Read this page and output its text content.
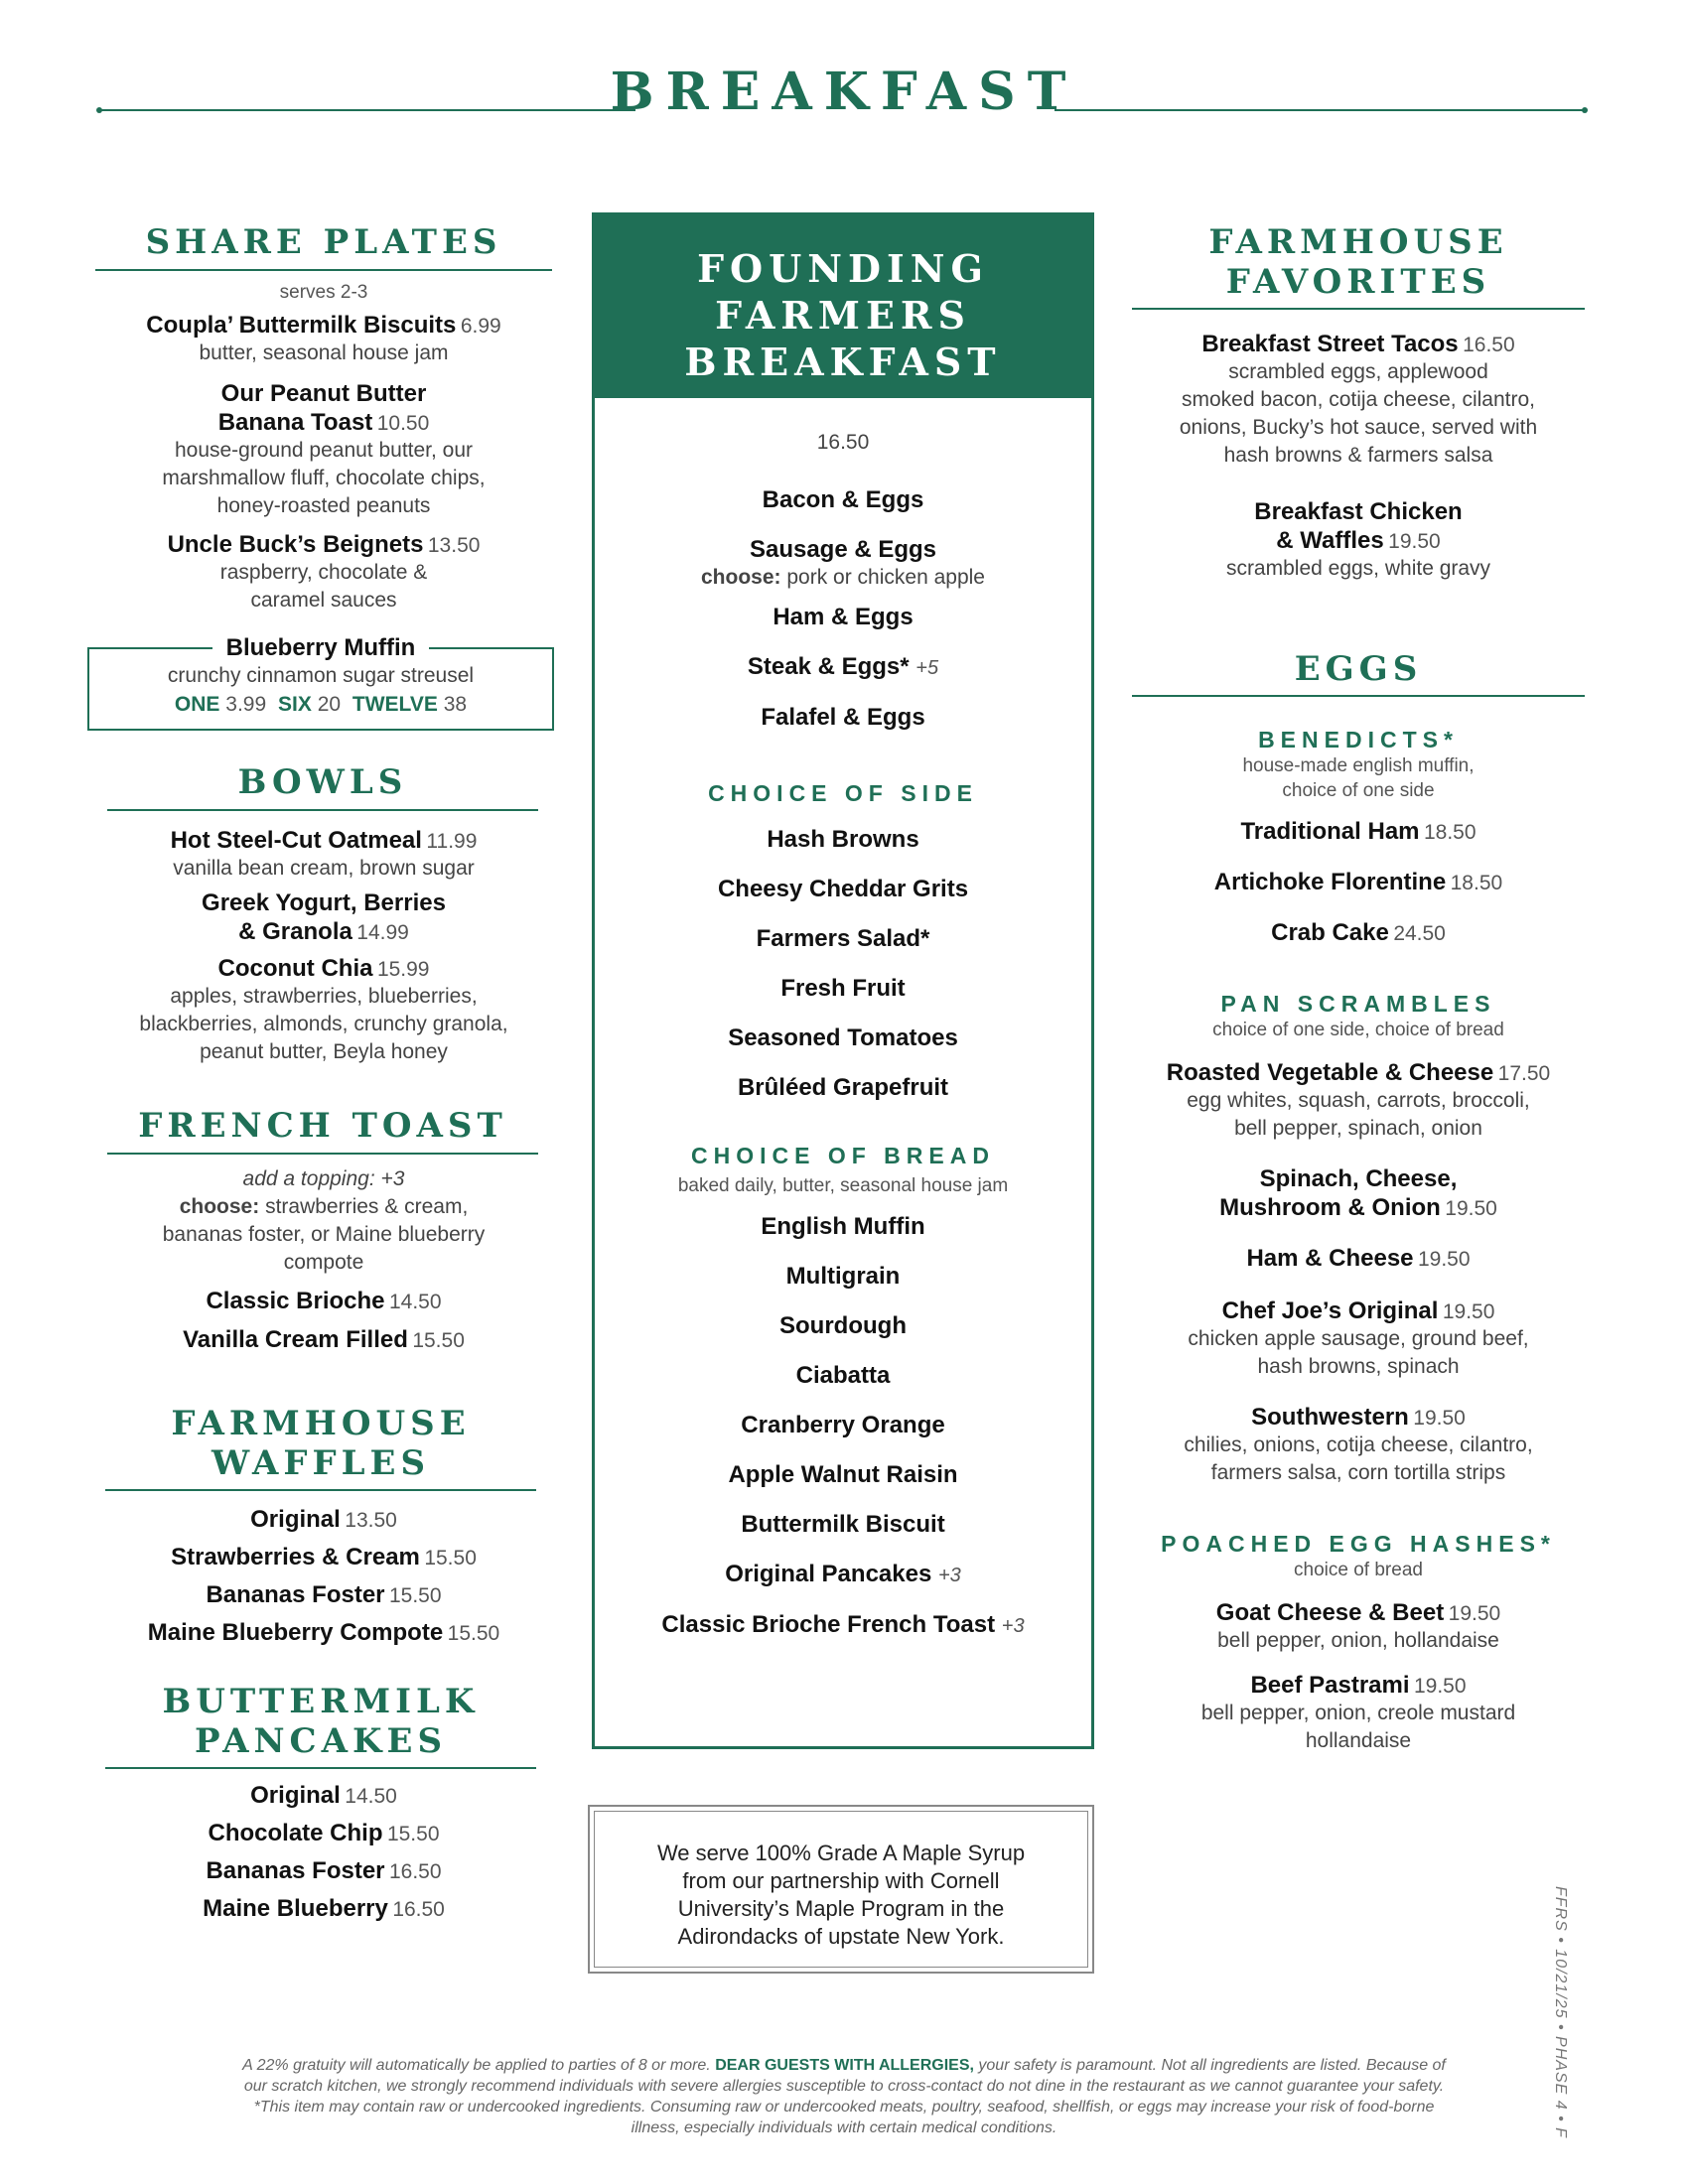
BREAKFAST
SHARE PLATES
serves 2-3
Coupla’ Buttermilk Biscuits 6.99
butter, seasonal house jam
Our Peanut Butter
Banana Toast 10.50
house-ground peanut butter, our
marshmallow fluff, chocolate chips,
honey-roasted peanuts
Uncle Buck’s Beignets 13.50
raspberry, chocolate &
caramel sauces
Blueberry Muffin
crunchy cinnamon sugar streusel
ONE 3.99 SIX 20 TWELVE 38
BOWLS
Hot Steel-Cut Oatmeal 11.99
vanilla bean cream, brown sugar
Greek Yogurt, Berries
& Granola 14.99
Coconut Chia 15.99
apples, strawberries, blueberries,
blackberries, almonds, crunchy granola,
peanut butter, Beyla honey
FRENCH TOAST
add a topping: +3
choose: strawberries & cream,
bananas foster, or Maine blueberry
compote
Classic Brioche 14.50
Vanilla Cream Filled 15.50
FARMHOUSE
WAFFLES
Original 13.50
Strawberries & Cream 15.50
Bananas Foster 15.50
Maine Blueberry Compote 15.50
BUTTERMILK
PANCAKES
Original 14.50
Chocolate Chip 15.50
Bananas Foster 16.50
Maine Blueberry 16.50
FOUNDING
FARMERS
BREAKFAST
16.50
Bacon & Eggs
Sausage & Eggs
choose: pork or chicken apple
Ham & Eggs
Steak & Eggs* +5
Falafel & Eggs
CHOICE OF SIDE
Hash Browns
Cheesy Cheddar Grits
Farmers Salad*
Fresh Fruit
Seasoned Tomatoes
Brûléed Grapefruit
CHOICE OF BREAD
baked daily, butter, seasonal house jam
English Muffin
Multigrain
Sourdough
Ciabatta
Cranberry Orange
Apple Walnut Raisin
Buttermilk Biscuit
Original Pancakes +3
Classic Brioche French Toast +3
We serve 100% Grade A Maple Syrup
from our partnership with Cornell
University’s Maple Program in the
Adirondacks of upstate New York.
FARMHOUSE
FAVORITES
Breakfast Street Tacos 16.50
scrambled eggs, applewood
smoked bacon, cotija cheese, cilantro,
onions, Bucky’s hot sauce, served with
hash browns & farmers salsa
Breakfast Chicken
& Waffles 19.50
scrambled eggs, white gravy
EGGS
BENEDICTS*
house-made english muffin,
choice of one side
Traditional Ham 18.50
Artichoke Florentine 18.50
Crab Cake 24.50
PAN SCRAMBLES
choice of one side, choice of bread
Roasted Vegetable & Cheese 17.50
egg whites, squash, carrots, broccoli,
bell pepper, spinach, onion
Spinach, Cheese,
Mushroom & Onion 19.50
Ham & Cheese 19.50
Chef Joe’s Original 19.50
chicken apple sausage, ground beef,
hash browns, spinach
Southwestern 19.50
chilies, onions, cotija cheese, cilantro,
farmers salsa, corn tortilla strips
POACHED EGG HASHES*
choice of bread
Goat Cheese & Beet 19.50
bell pepper, onion, hollandaise
Beef Pastrami 19.50
bell pepper, onion, creole mustard
hollandaise
FFRS • 10/21/25 • PHASE 4 • F
A 22% gratuity will automatically be applied to parties of 8 or more. DEAR GUESTS WITH ALLERGIES, your safety is paramount. Not all ingredients are listed. Because of
our scratch kitchen, we strongly recommend individuals with severe allergies susceptible to cross-contact do not dine in the restaurant as we cannot guarantee your safety.
*This item may contain raw or undercooked ingredients. Consuming raw or undercooked meats, poultry, seafood, shellfish, or eggs may increase your risk of food-borne
illness, especially individuals with certain medical conditions.
